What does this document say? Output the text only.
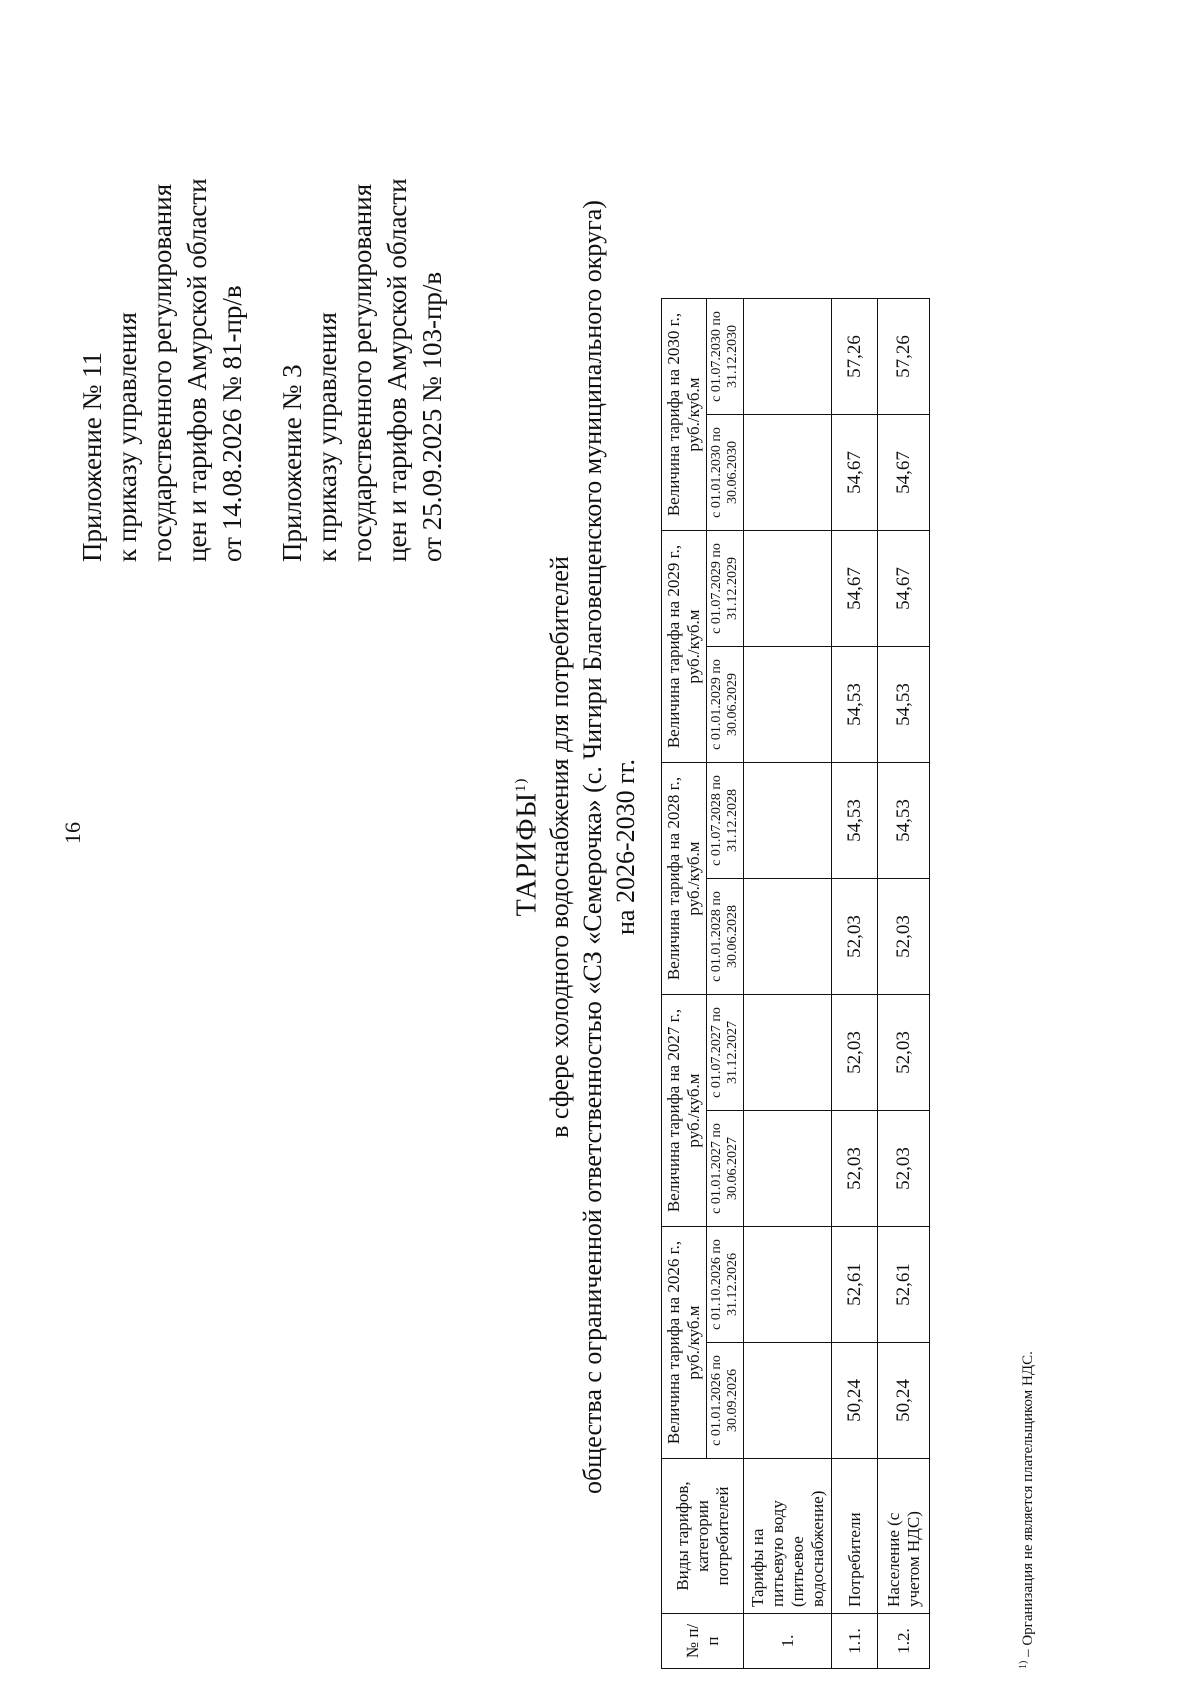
16
Приложение № 11 к приказу управления государственного регулирования цен и тарифов Амурской области от 14.08.2026 № 81-пр/в Приложение № 3 к приказу управления государственного регулирования цен и тарифов Амурской области от 25.09.2025 № 103-пр/в
ТАРИФЫ$^{1)}$ в сфере холодного водоснабжения для потребителей общества с ограниченной ответственностью «СЗ «Семерочка» (с. Чигири Благовещенского муниципального округа) на 2026-2030 гг.
№ п/п	Виды тарифов, категории потребителей	Величина тарифа на 2026 г., руб./куб.м		Величина тарифа на 2027 г., руб./куб.м		Величина тарифа на 2028 г., руб./куб.м		Величина тарифа на 2029 г., руб./куб.м		Величина тарифа на 2030 г., руб./куб.м	
		с 01.01.2026 по 30.09.2026	с 01.10.2026 по 31.12.2026	с 01.01.2027 по 30.06.2027	с 01.07.2027 по 31.12.2027	с 01.01.2028 по 30.06.2028	с 01.07.2028 по 31.12.2028	с 01.01.2029 по 30.06.2029	с 01.07.2029 по 31.12.2029	с 01.01.2030 по 30.06.2030	с 01.07.2030 по 31.12.2030
1.	Тарифы на питьевую воду (питьевое водоснабжение)										
1.1.	Потребители	50,24	52,61	52,03	52,03	52,03	54,53	54,53	54,67	54,67	57,26
1.2.	Население (с учетом НДС)	50,24	52,61	52,03	52,03	52,03	54,53	54,53	54,67	54,67	57,26
$^{1)}$ – Организация не является плательщиком НДС.
